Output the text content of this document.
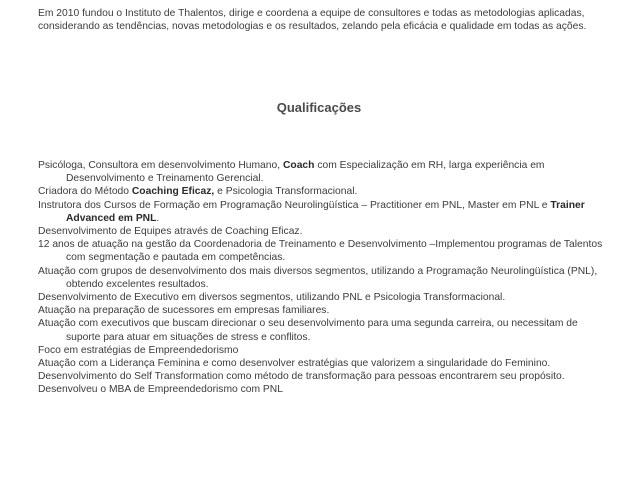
Em 2010 fundou o Instituto de Thalentos, dirige e coordena a equipe de consultores e todas as metodologias aplicadas,

considerando as tendências, novas metodologias e os resultados, zelando pela eficácia e qualidade em todas as ações.

Qualificações

Psicóloga, Consultora em desenvolvimento Humano, Coach com Especialização em RH, larga experiência em Desenvolvimento e Treinamento Gerencial.

Criadora do Método Coaching Eficaz, e Psicologia Transformacional.

Instrutora dos Cursos de Formação em Programação Neurolingüística – Practitioner em PNL, Master em PNL e Trainer Advanced em PNL.

Desenvolvimento de Equipes através de Coaching Eficaz.

12 anos de atuação na gestão da Coordenadoria de Treinamento e Desenvolvimento –Implementou programas de Talentos com segmentação e pautada em competências.

Atuação com grupos de desenvolvimento dos mais diversos segmentos, utilizando a Programação Neurolingüística (PNL), obtendo excelentes resultados.

Desenvolvimento de Executivo em diversos segmentos, utilizando PNL e Psicologia Transformacional.

Atuação na preparação de sucessores em empresas familiares.

Atuação com executivos que buscam direcionar o seu desenvolvimento para uma segunda carreira, ou necessitam de suporte para atuar em situações de stress e conflitos.

Foco em estratégias de Empreendedorismo

Atuação com a Liderança Feminina e como desenvolver estratégias que valorizem a singularidade do Feminino.

Desenvolvimento do Self Transformation como método de transformação para pessoas encontrarem seu propósito.

Desenvolveu o MBA de Empreendedorismo com PNL
